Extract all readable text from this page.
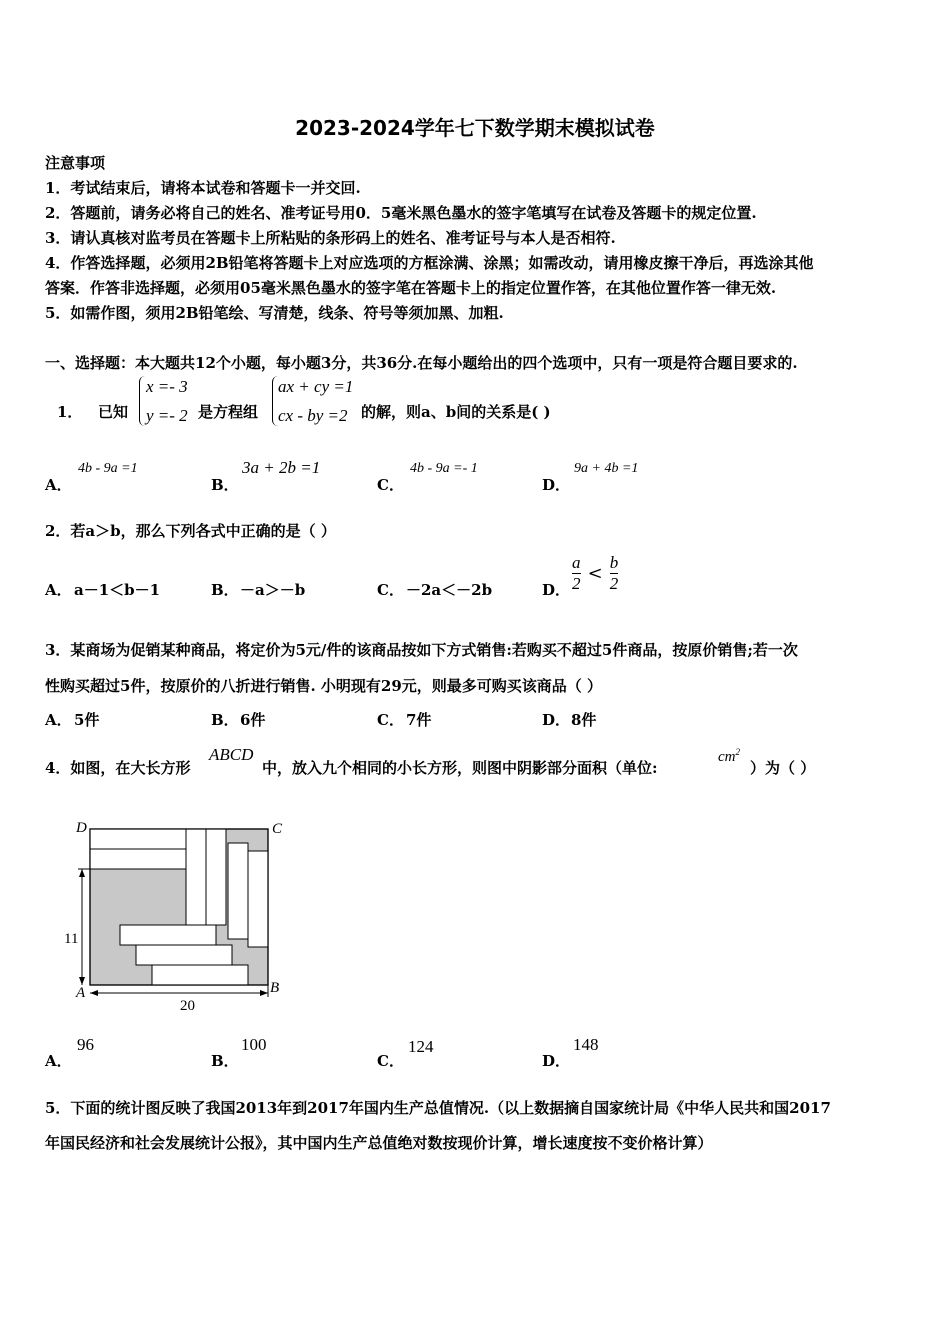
2023-2024学年七下数学期末模拟试卷
注意事项
1．考试结束后，请将本试卷和答题卡一并交回.
2．答题前，请务必将自己的姓名、准考证号用0．5毫米黑色墨水的签字笔填写在试卷及答题卡的规定位置.
3．请认真核对监考员在答题卡上所粘贴的条形码上的姓名、准考证号与本人是否相符.
4．作答选择题，必须用2B铅笔将答题卡上对应选项的方框涂满、涂黑；如需改动，请用橡皮擦干净后，再选涂其他
答案．作答非选择题，必须用05毫米黑色墨水的签字笔在答题卡上的指定位置作答，在其他位置作答一律无效.
5．如需作图，须用2B铅笔绘、写清楚，线条、符号等须加黑、加粗.
一、选择题：本大题共12个小题，每小题3分，共36分.在每小题给出的四个选项中，只有一项是符合题目要求的.
1． 已知
x =- 3
y =- 2 是方程组
ax + cy =1
cx - by =2 的解，则a、b间的关系是( )
A．
4b - 9a =1
B．
3a + 2b =1
C．
4b - 9a =- 1
D．
9a + 4b =1
2．若a＞b，那么下列各式中正确的是（ ）
A． a－1＜b－1	B． －a＞－b	C． －2a＜－2b	D． $\frac{a}{2} < \frac{b}{2}$
3．某商场为促销某种商品，将定价为5元/件的该商品按如下方式销售:若购买不超过5件商品，按原价销售;若一次
性购买超过5件，按原价的八折进行销售. 小明现有29元，则最多可购买该商品（ ）
A． 5件	B． 6件	C． 7件	D． 8件
4．如图，在大长方形
ABCD
中，放入九个相同的小长方形，则图中阴影部分面积（单位:
$cm^2$
）为（ ）
D	C
A	B
11
20
A．
96
B．
100
C．
124
D．
148
5．下面的统计图反映了我国2013年到2017年国内生产总值情况.（以上数据摘自国家统计局《中华人民共和国2017
年国民经济和社会发展统计公报》，其中国内生产总值绝对数按现价计算，增长速度按不变价格计算）
